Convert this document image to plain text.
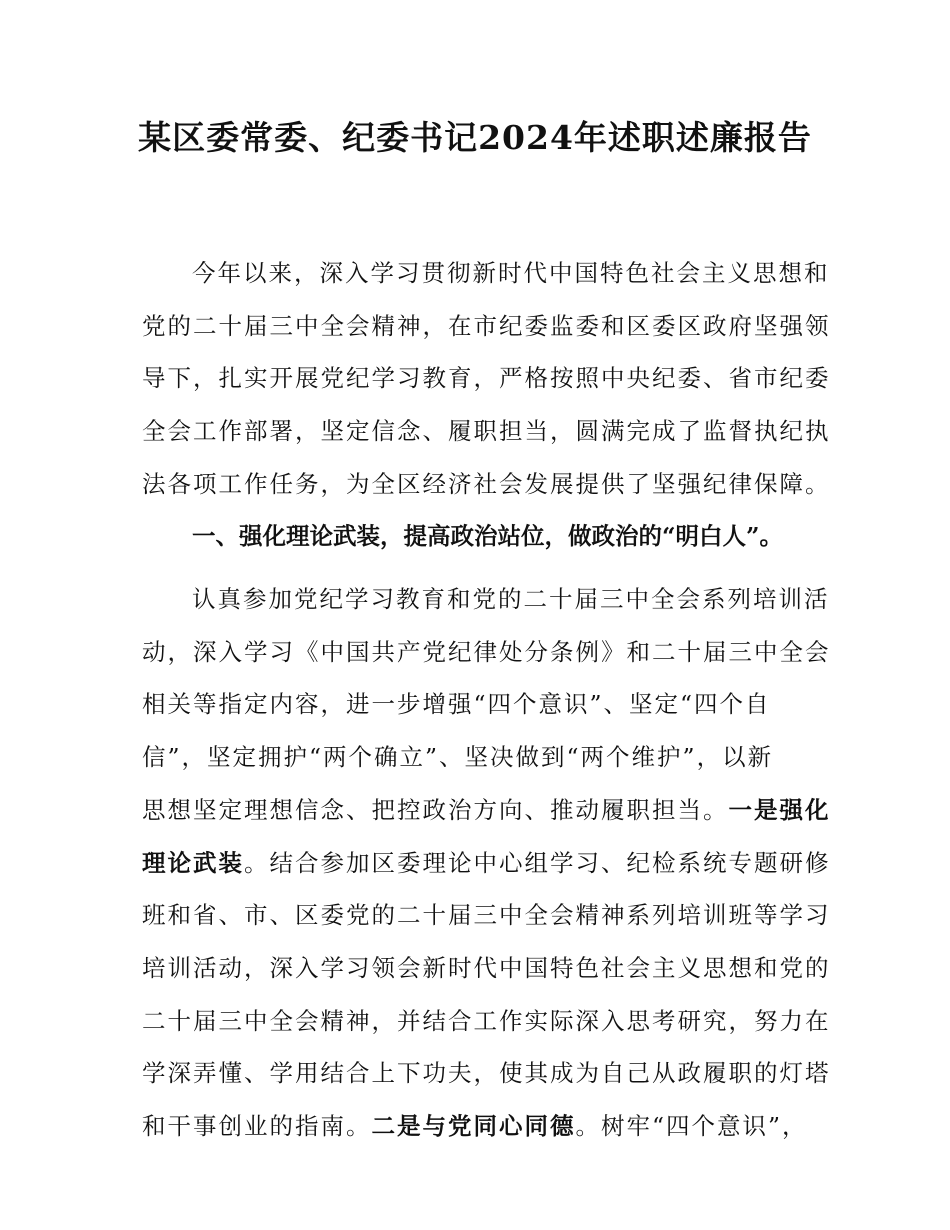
某区委常委、纪委书记2024年述职述廉报告
今年以来，深入学习贯彻新时代中国特色社会主义思想和
党的二十届三中全会精神，在市纪委监委和区委区政府坚强领
导下，扎实开展党纪学习教育，严格按照中央纪委、省市纪委
全会工作部署，坚定信念、履职担当，圆满完成了监督执纪执
法各项工作任务，为全区经济社会发展提供了坚强纪律保障。
一、强化理论武装，提高政治站位，做政治的“明白人”。
认真参加党纪学习教育和党的二十届三中全会系列培训活
动，深入学习《中国共产党纪律处分条例》和二十届三中全会
相关等指定内容，进一步增强“四个意识”、坚定“四个自
信”，坚定拥护“两个确立”、坚决做到“两个维护”，以新
思想坚定理想信念、把控政治方向、推动履职担当。一是强化
理论武装。结合参加区委理论中心组学习、纪检系统专题研修
班和省、市、区委党的二十届三中全会精神系列培训班等学习
培训活动，深入学习领会新时代中国特色社会主义思想和党的
二十届三中全会精神，并结合工作实际深入思考研究，努力在
学深弄懂、学用结合上下功夫，使其成为自己从政履职的灯塔
和干事创业的指南。二是与党同心同德。树牢“四个意识”，
